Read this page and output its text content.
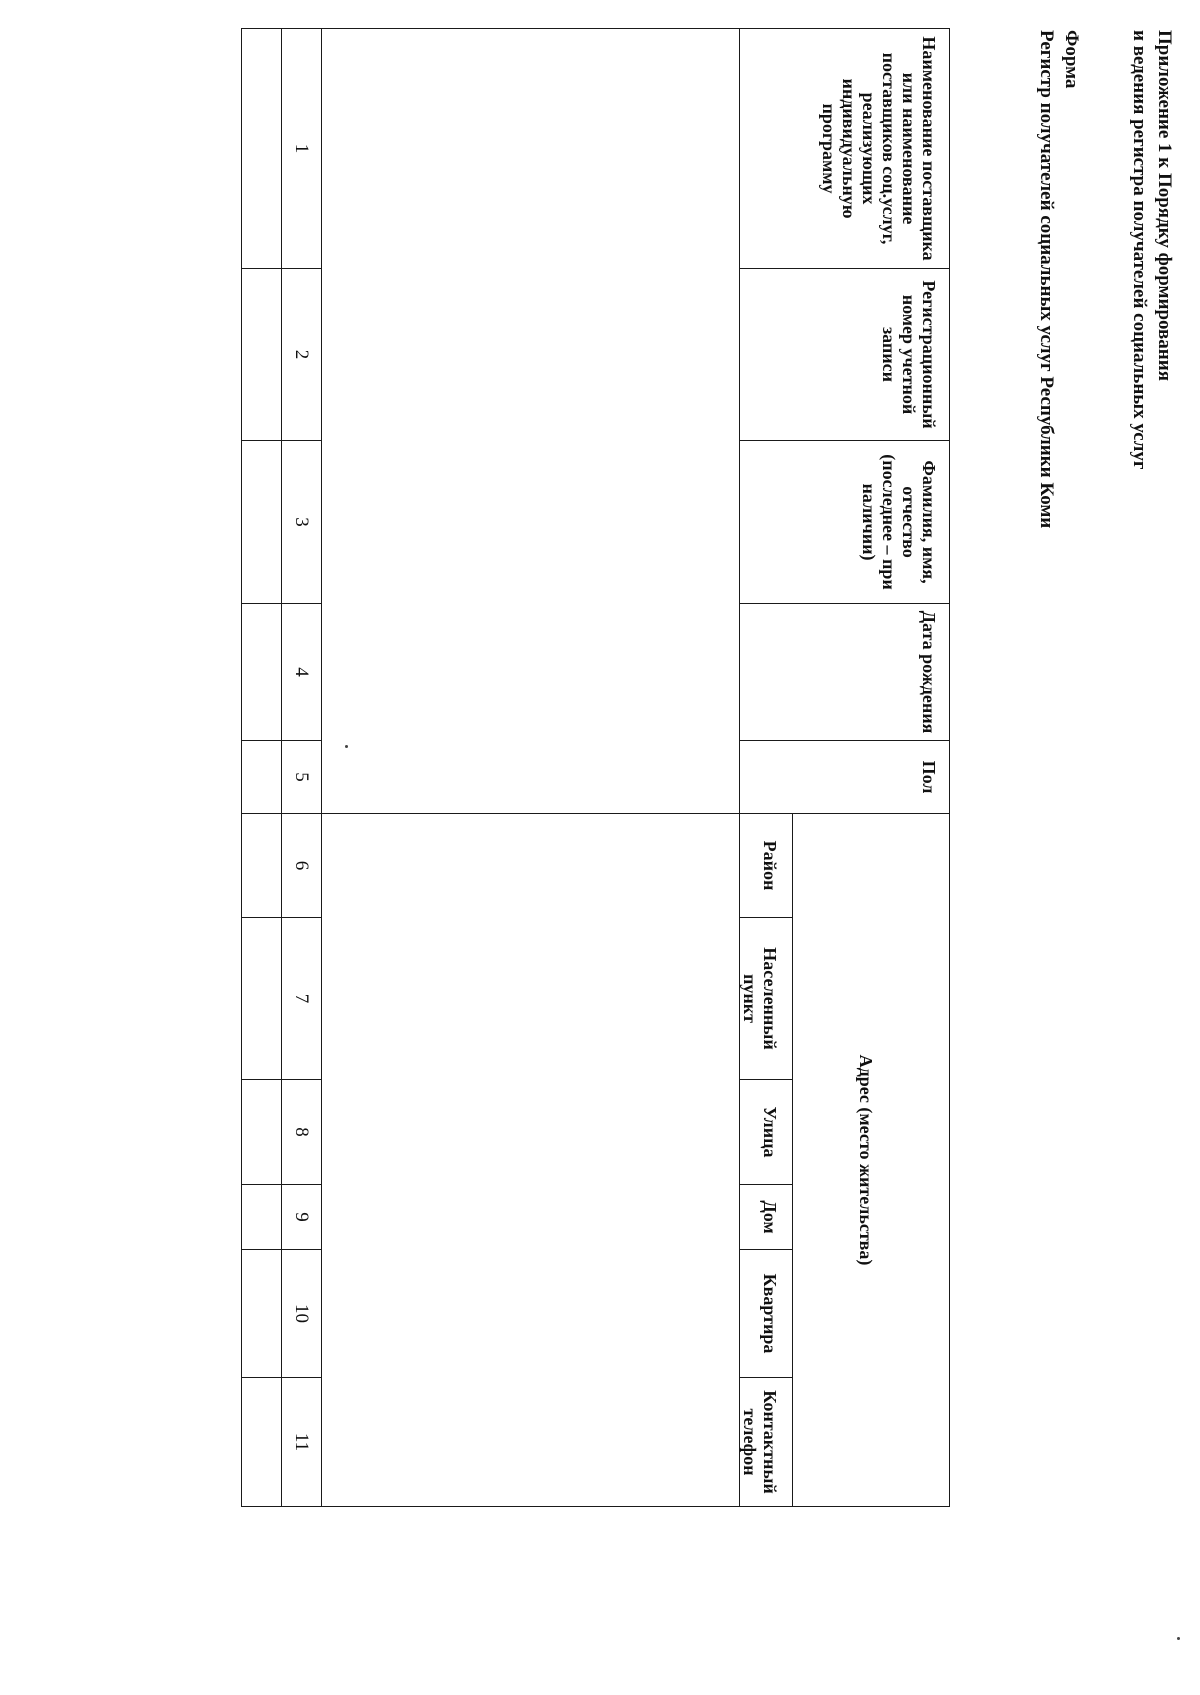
Приложение 1 к Порядку формирования
и ведения регистра получателей социальных услуг
Форма
Регистр получателей социальных услуг Республики Коми
Наименование поставщика или наименование поставщиков соц.услуг, реализующих индивидуальную программу	Регистрационный номер учетной записи	Фамилия, имя, отчество (последнее – при наличии)	Дата рождения	Пол	Адрес (место жительства)					
					Район	Населенный пункт	Улица	Дом	Квартира	Контактный телефон

1	2	3	4	5	6	7	8	9	10	11
